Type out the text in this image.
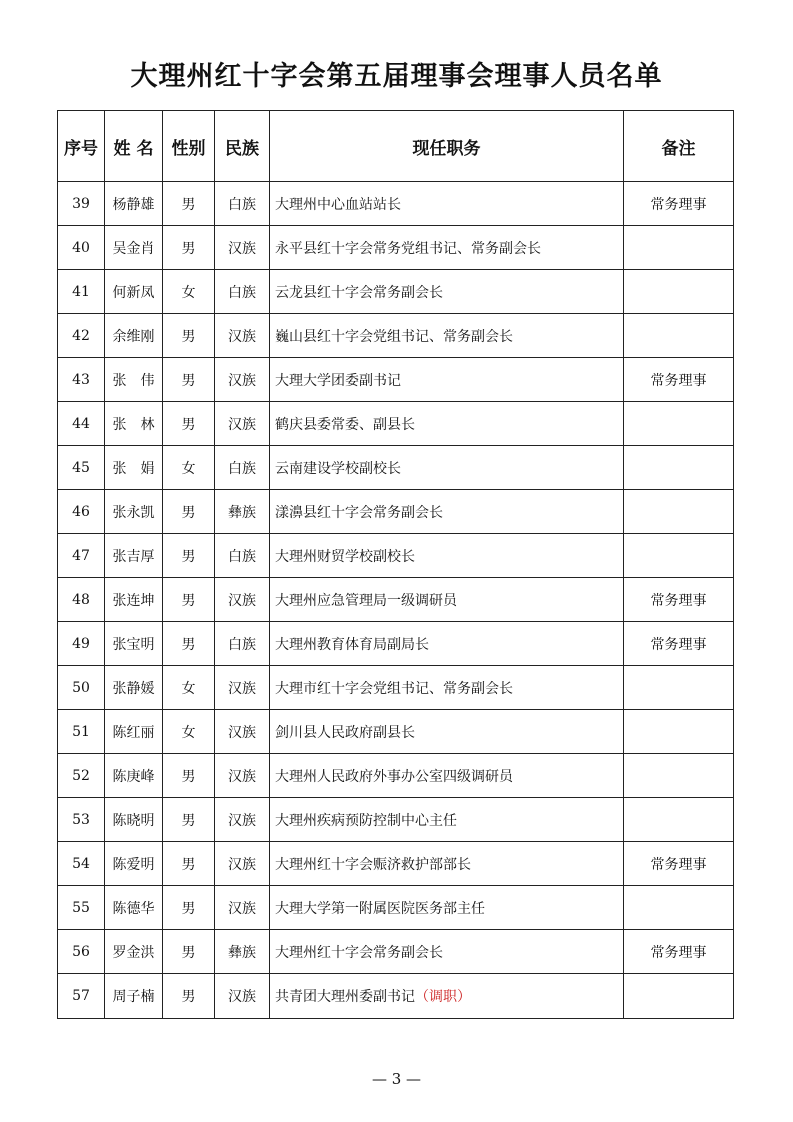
大理州红十字会第五届理事会理事人员名单
序号	姓 名	性别	民族	现任职务	备注
39	杨静雄	男	白族	大理州中心血站站长	常务理事
40	吴金肖	男	汉族	永平县红十字会常务党组书记、常务副会长	
41	何新凤	女	白族	云龙县红十字会常务副会长	
42	余维刚	男	汉族	巍山县红十字会党组书记、常务副会长	
43	张　伟	男	汉族	大理大学团委副书记	常务理事
44	张　林	男	汉族	鹤庆县委常委、副县长	
45	张　娟	女	白族	云南建设学校副校长	
46	张永凯	男	彝族	漾濞县红十字会常务副会长	
47	张吉厚	男	白族	大理州财贸学校副校长	
48	张连坤	男	汉族	大理州应急管理局一级调研员	常务理事
49	张宝明	男	白族	大理州教育体育局副局长	常务理事
50	张静媛	女	汉族	大理市红十字会党组书记、常务副会长	
51	陈红丽	女	汉族	剑川县人民政府副县长	
52	陈庚峰	男	汉族	大理州人民政府外事办公室四级调研员	
53	陈晓明	男	汉族	大理州疾病预防控制中心主任	
54	陈爱明	男	汉族	大理州红十字会赈济救护部部长	常务理事
55	陈德华	男	汉族	大理大学第一附属医院医务部主任	
56	罗金洪	男	彝族	大理州红十字会常务副会长	常务理事
57	周子楠	男	汉族	共青团大理州委副书记（调职）	
— 3 —
